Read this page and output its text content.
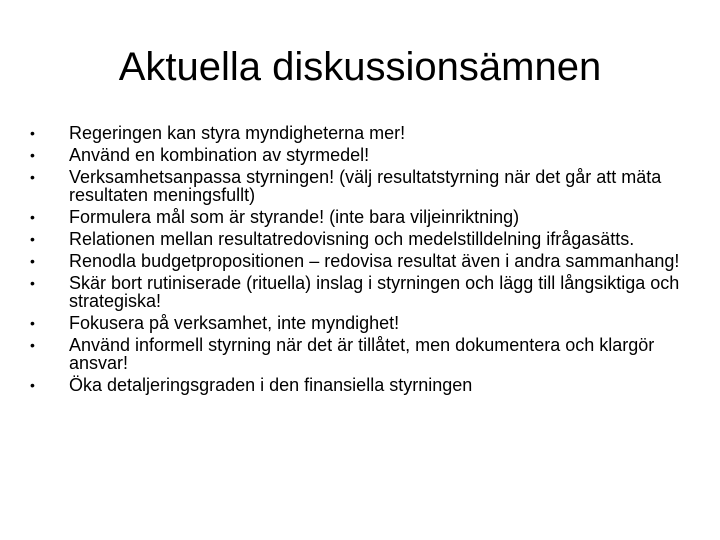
Aktuella diskussionsämnen
•	Regeringen kan styra myndigheterna mer!
•	Använd en kombination av styrmedel!
•	Verksamhetsanpassa styrningen! (välj resultatstyrning när det går att mäta resultaten meningsfullt)
•	Formulera mål som är styrande! (inte bara viljeinriktning)
•	Relationen mellan resultatredovisning och medelstilldelning ifrågasätts.
•	Renodla budgetpropositionen – redovisa resultat även i andra sammanhang!
•	Skär bort rutiniserade (rituella) inslag i styrningen och lägg till långsiktiga och strategiska!
•	Fokusera på verksamhet, inte myndighet!
•	Använd informell styrning när det är tillåtet, men dokumentera och klargör ansvar!
•	Öka detaljeringsgraden i den finansiella styrningen
